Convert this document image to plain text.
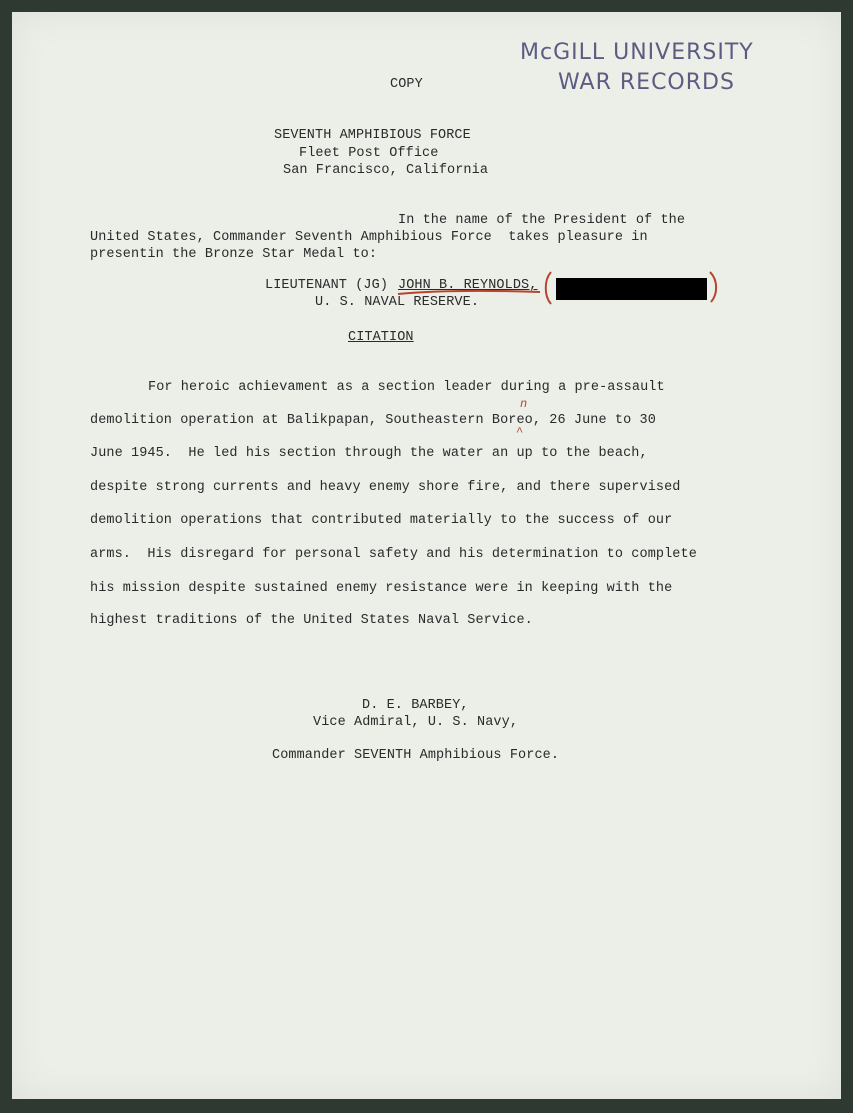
McGILL UNIVERSITY
WAR RECORDS
COPY
SEVENTH AMPHIBIOUS FORCE
Fleet Post Office
San Francisco, California
In the name of the President of the
United States, Commander Seventh Amphibious Force  takes pleasure in
presentin the Bronze Star Medal to:
LIEUTENANT (JG) JOHN B. REYNOLDS,
U. S. NAVAL RESERVE.
CITATION
For heroic achievament as a section leader during a pre-assault
demolition operation at Balikpapan, Southeastern Boreo, 26 June to 30
June 1945.  He led his section through the water an up to the beach,
despite strong currents and heavy enemy shore fire, and there supervised
demolition operations that contributed materially to the success of our
arms.  His disregard for personal safety and his determination to complete
his mission despite sustained enemy resistance were in keeping with the
highest traditions of the United States Naval Service.
n
^
D. E. BARBEY,
Vice Admiral, U. S. Navy,
Commander SEVENTH Amphibious Force.
